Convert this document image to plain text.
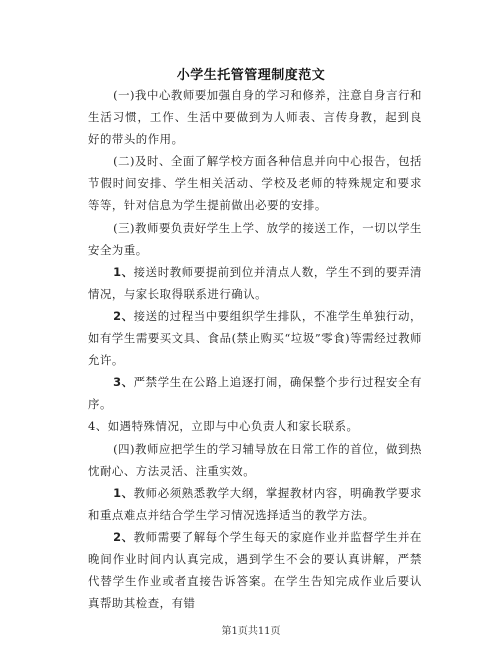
小学生托管管理制度范文

(一)我中心教师要加强自身的学习和修养，注意自身言行和生活习惯，工作、生活中要做到为人师表、言传身教，起到良好的带头的作用。

(二)及时、全面了解学校方面各种信息并向中心报告，包括节假时间安排、学生相关活动、学校及老师的特殊规定和要求等等，针对信息为学生提前做出必要的安排。

(三)教师要负责好学生上学、放学的接送工作，一切以学生安全为重。

1、接送时教师要提前到位并清点人数，学生不到的要弄清情况，与家长取得联系进行确认。

2、接送的过程当中要组织学生排队，不准学生单独行动，如有学生需要买文具、食品(禁止购买“垃圾”零食)等需经过教师允许。

3、严禁学生在公路上追逐打闹，确保整个步行过程安全有序。

4、如遇特殊情况，立即与中心负责人和家长联系。

(四)教师应把学生的学习辅导放在日常工作的首位，做到热忱耐心、方法灵活、注重实效。

1、教师必须熟悉教学大纲，掌握教材内容，明确教学要求和重点难点并结合学生学习情况选择适当的教学方法。

2、教师需要了解每个学生每天的家庭作业并监督学生并在晚间作业时间内认真完成，遇到学生不会的要认真讲解，严禁代替学生作业或者直接告诉答案。在学生告知完成作业后要认真帮助其检查，有错

第1页共11页
